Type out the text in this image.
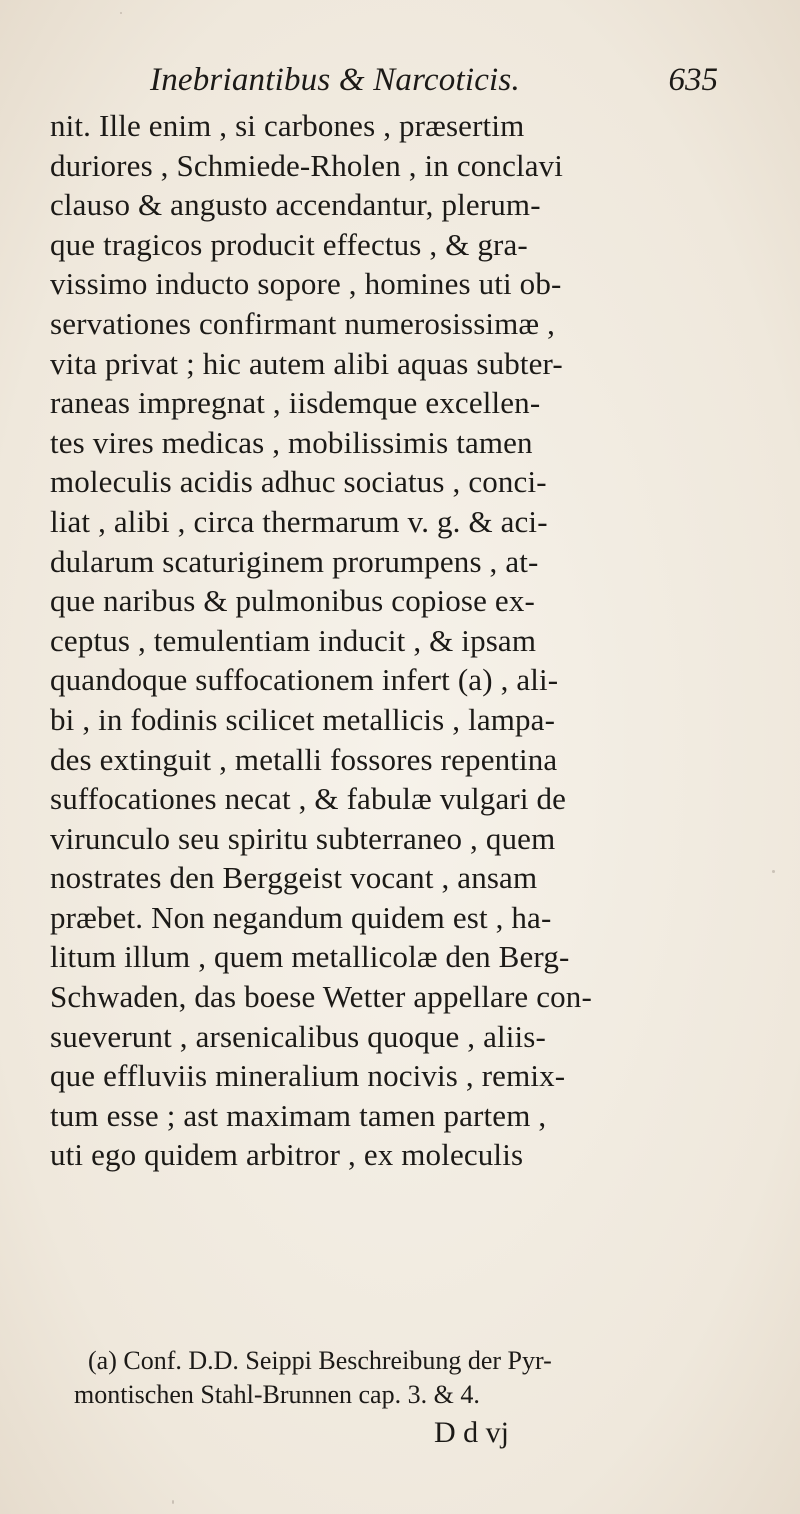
Inebriantibus & Narcoticis.	635
nit. Ille enim , si carbones , præsertim
duriores , Schmiede-Rholen , in conclavi
clauso & angusto accendantur, plerum-
que tragicos producit effectus , & gra-
vissimo inducto sopore , homines uti ob-
servationes confirmant numerosissimæ ,
vita privat ; hic autem alibi aquas subter-
raneas impregnat , iisdemque excellen-
tes vires medicas , mobilissimis tamen
moleculis acidis adhuc sociatus , conci-
liat , alibi , circa thermarum v. g. & aci-
dularum scaturiginem prorumpens , at-
que naribus & pulmonibus copiose ex-
ceptus , temulentiam inducit , & ipsam
quandoque suffocationem infert (a) , ali-
bi , in fodinis scilicet metallicis , lampa-
des extinguit , metalli fossores repentina
suffocationes necat , & fabulæ vulgari de
virunculo seu spiritu subterraneo , quem
nostrates den Berggeist vocant , ansam
præbet. Non negandum quidem est , ha-
litum illum , quem metallicolæ den Berg-
Schwaden, das boese Wetter appellare con-
sueverunt , arsenicalibus quoque , aliis-
que effluviis mineralium nocivis , remix-
tum esse ; ast maximam tamen partem ,
uti ego quidem arbitror , ex moleculis
(a) Conf. D.D. Seippi Beschreibung der Pyr-
montischen Stahl-Brunnen cap. 3. & 4.
D d vj
